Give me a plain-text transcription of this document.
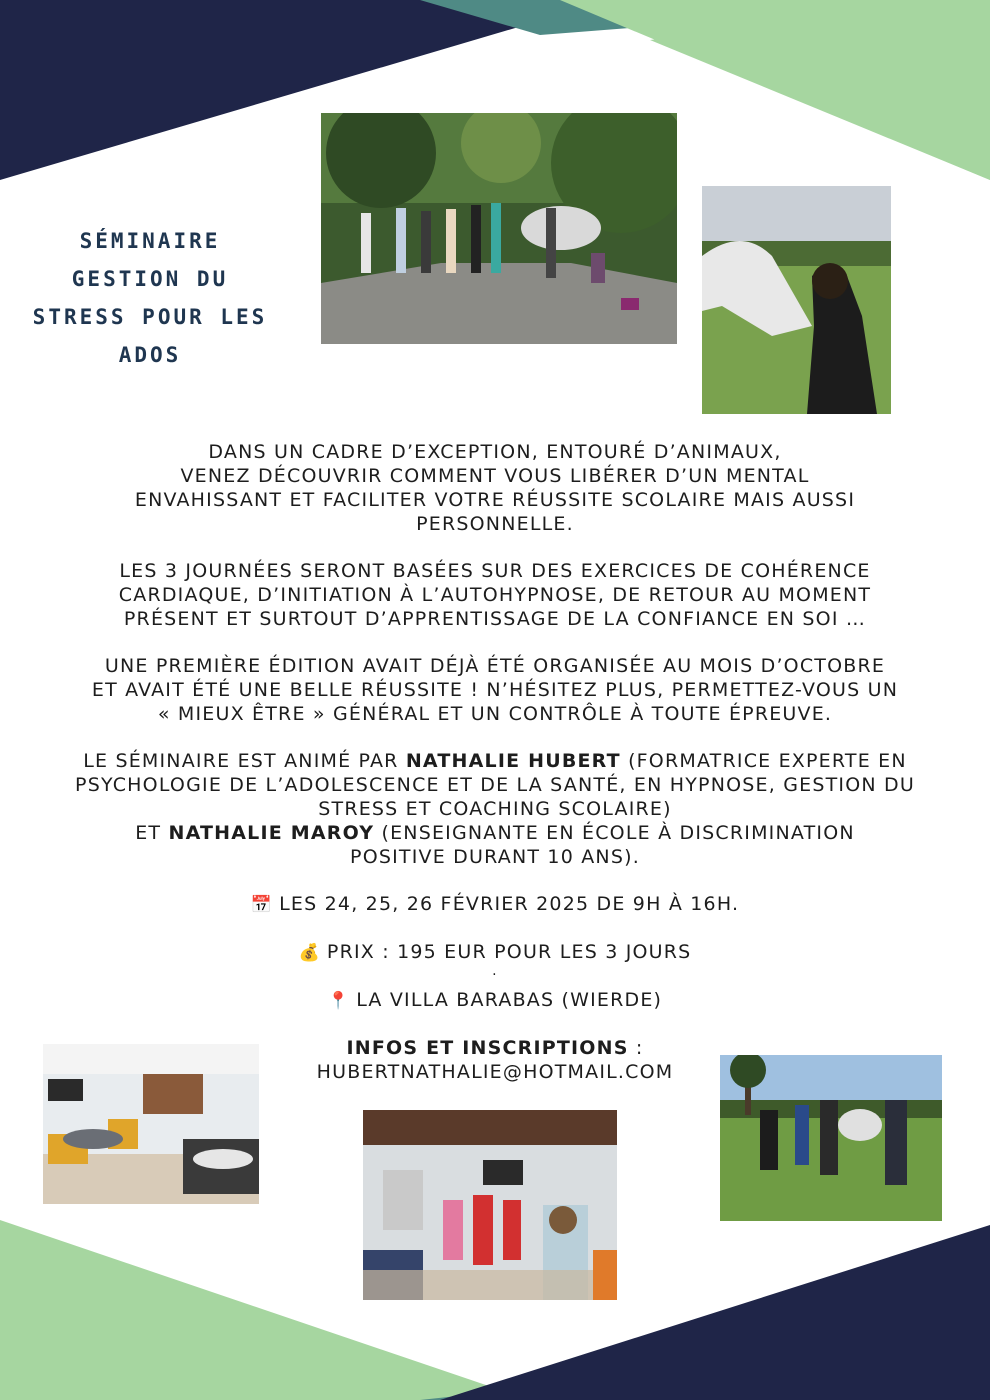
SÉMINAIRE
GESTION DU
STRESS POUR LES
ADOS

DANS UN CADRE D’EXCEPTION, ENTOURÉ D’ANIMAUX,

VENEZ DÉCOUVRIR COMMENT VOUS LIBÉRER D’UN MENTAL

ENVAHISSANT ET FACILITER VOTRE RÉUSSITE SCOLAIRE MAIS AUSSI

PERSONNELLE.

LES 3 JOURNÉES SERONT BASÉES SUR DES EXERCICES DE COHÉRENCE

CARDIAQUE, D’INITIATION À L’AUTOHYPNOSE, DE RETOUR AU MOMENT

PRÉSENT ET SURTOUT D’APPRENTISSAGE DE LA CONFIANCE EN SOI …

UNE PREMIÈRE ÉDITION AVAIT DÉJÀ ÉTÉ ORGANISÉE AU MOIS D’OCTOBRE

ET AVAIT ÉTÉ UNE BELLE RÉUSSITE ! N’HÉSITEZ PLUS, PERMETTEZ-VOUS UN

« MIEUX ÊTRE » GÉNÉRAL ET UN CONTRÔLE À TOUTE ÉPREUVE.

LE SÉMINAIRE EST ANIMÉ PAR NATHALIE HUBERT (FORMATRICE EXPERTE EN

PSYCHOLOGIE DE L’ADOLESCENCE ET DE LA SANTÉ, EN HYPNOSE, GESTION DU

STRESS ET COACHING SCOLAIRE)

ET NATHALIE MAROY (ENSEIGNANTE EN ÉCOLE À DISCRIMINATION

POSITIVE DURANT 10 ANS).

📅 LES 24, 25, 26 FÉVRIER 2025 DE 9H À 16H.

💰 PRIX : 195 EUR POUR LES 3 JOURS

.

📍 LA VILLA BARABAS (WIERDE)

INFOS ET INSCRIPTIONS :

HUBERTNATHALIE@HOTMAIL.COM
